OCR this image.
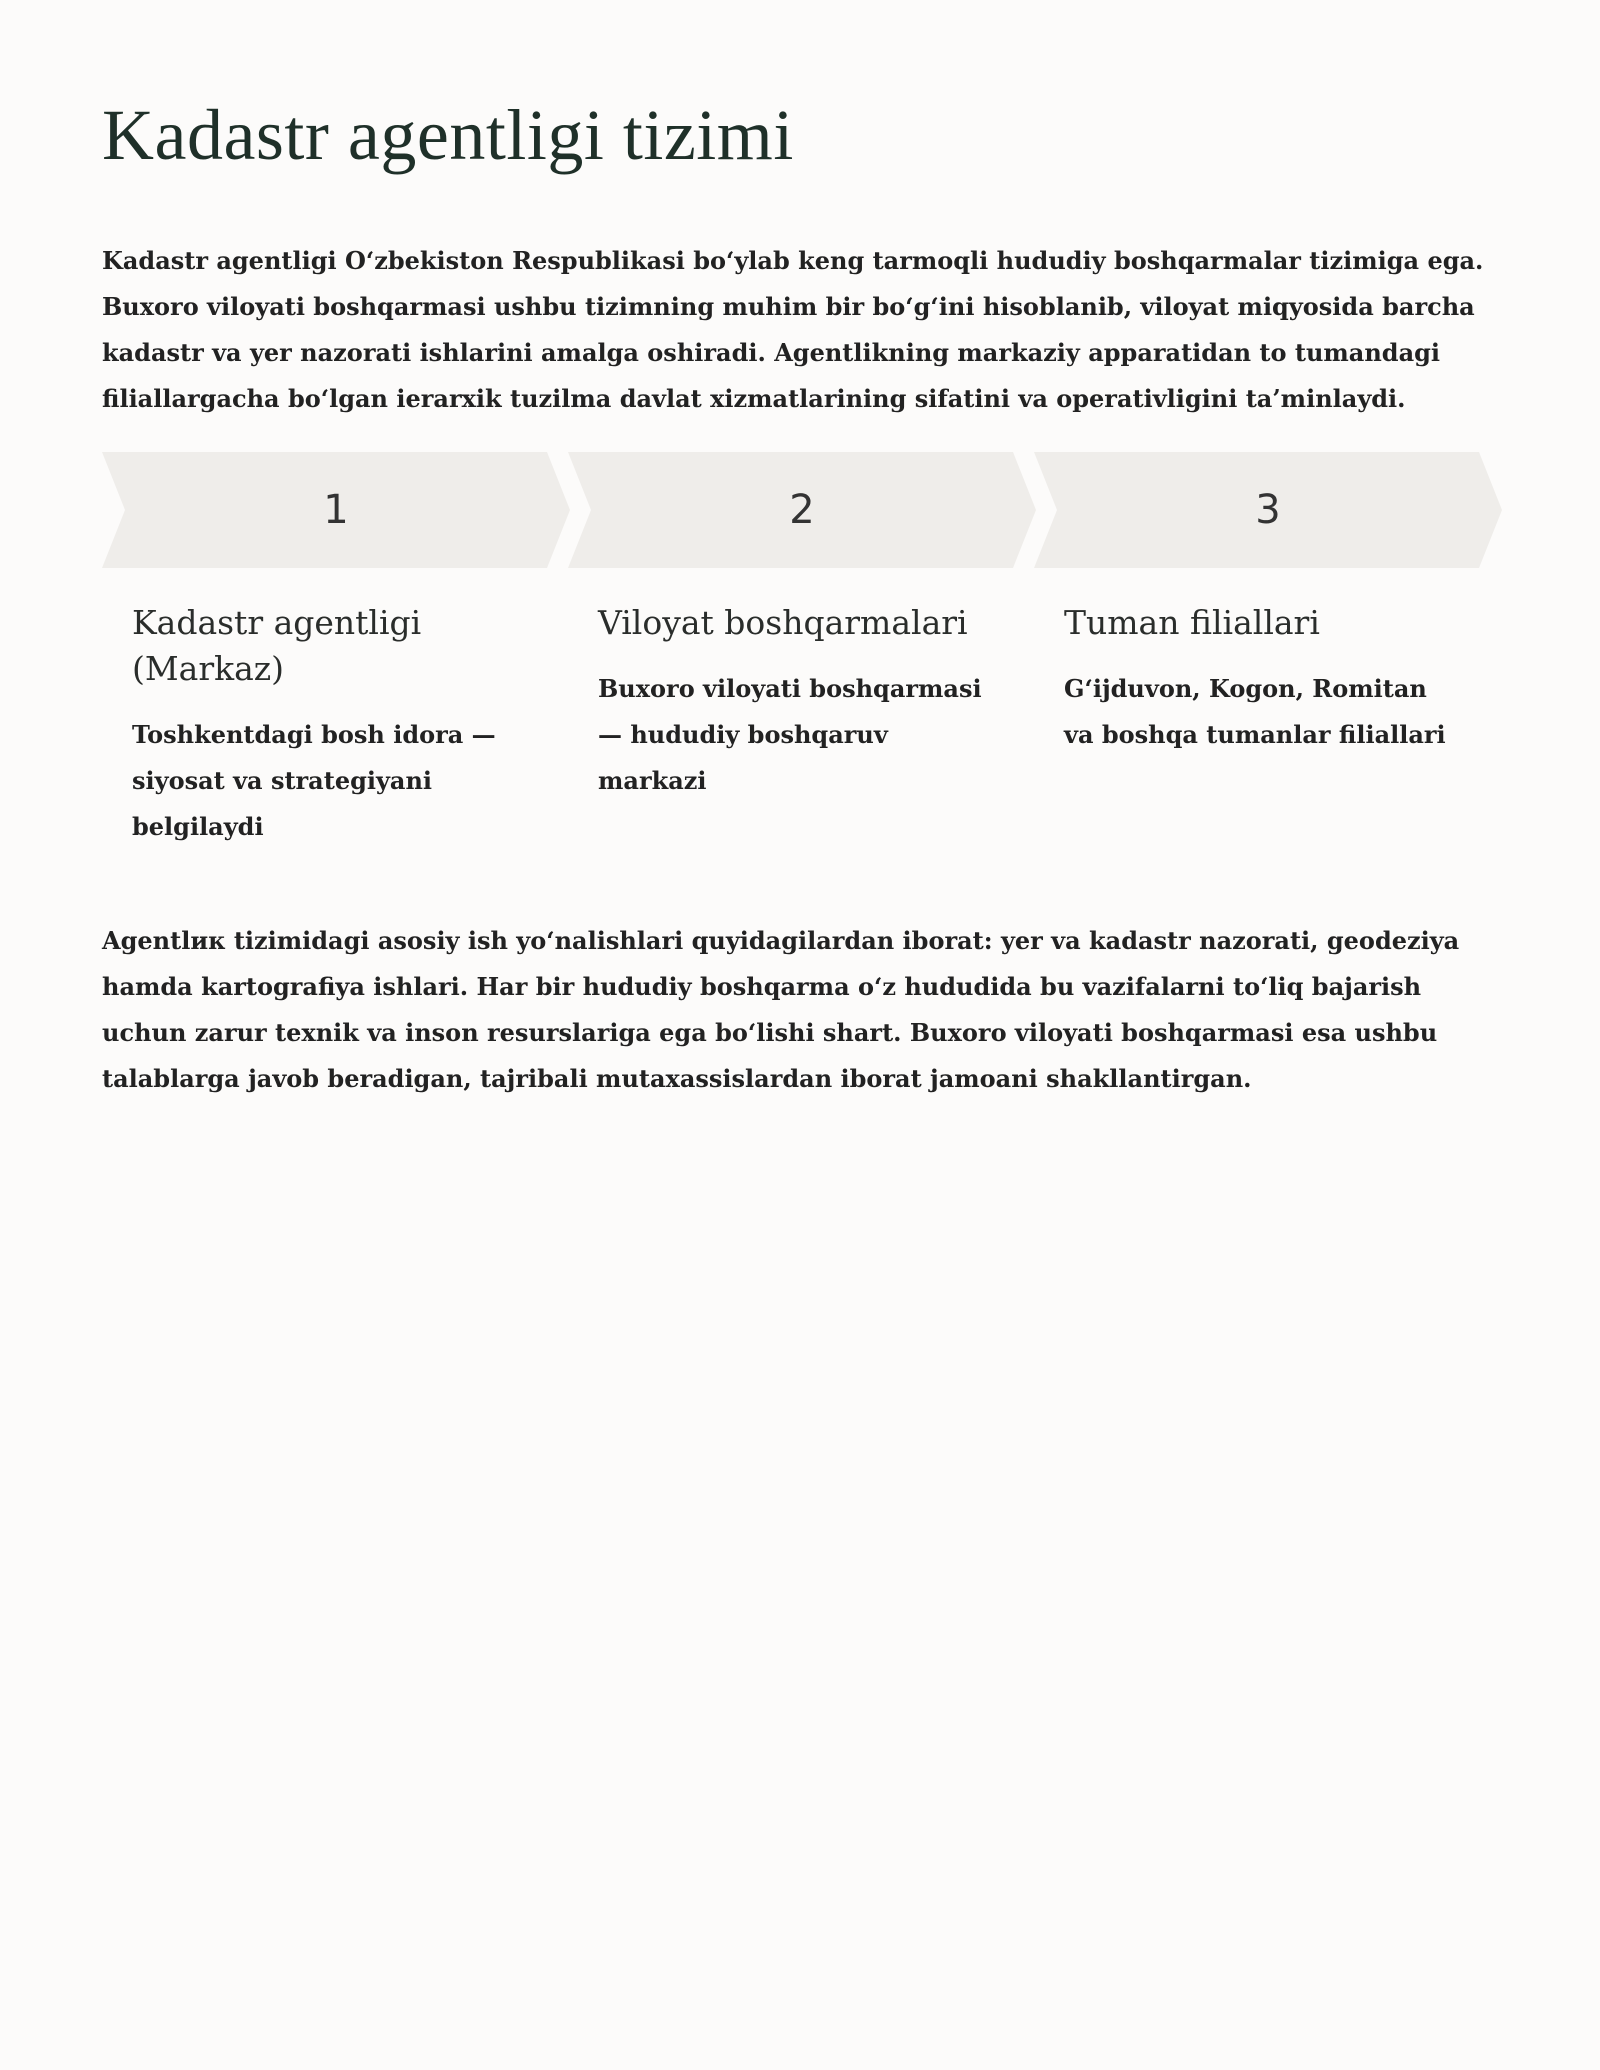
Kadastr agentligi tizimi

Kadastr agentligi O‘zbekiston Respublikasi bo‘ylab keng tarmoqli hududiy boshqarmalar tizimiga ega. Buxoro viloyati boshqarmasi ushbu tizimning muhim bir bo‘g‘ini hisoblanib, viloyat miqyosida barcha kadastr va yer nazorati ishlarini amalga oshiradi. Agentlikning markaziy apparatidan to tumandagi filiallargacha bo‘lgan ierarxik tuzilma davlat xizmatlarining sifatini va operativligini ta’minlaydi.

1
Kadastr agentligi (Markaz)

Toshkentdagi bosh idora — siyosat va strategiyani belgilaydi

2
Viloyat boshqarmalari

Buxoro viloyati boshqarmasi — hududiy boshqaruv markazi

3
Tuman filiallari

G‘ijduvon, Kogon, Romitan va boshqa tumanlar filiallari

Agentlик tizimidagi asosiy ish yo‘nalishlari quyidagilardan iborat: yer va kadastr nazorati, geodeziya hamda kartografiya ishlari. Har bir hududiy boshqarma o‘z hududida bu vazifalarni to‘liq bajarish uchun zarur texnik va inson resurslariga ega bo‘lishi shart. Buxoro viloyati boshqarmasi esa ushbu talablarga javob beradigan, tajribali mutaxassislardan iborat jamoani shakllantirgan.
